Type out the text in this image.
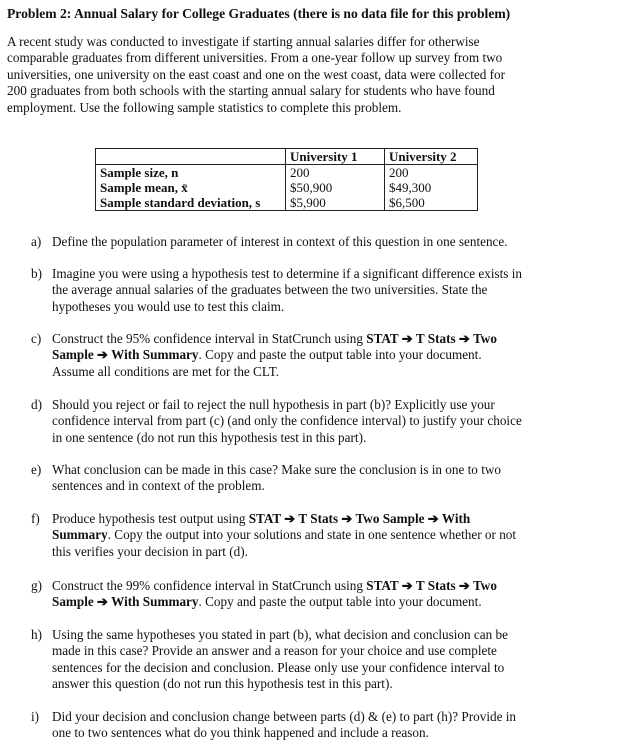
Problem 2: Annual Salary for College Graduates (there is no data file for this problem)
A recent study was conducted to investigate if starting annual salaries differ for otherwise
comparable graduates from different universities. From a one-year follow up survey from two
universities, one university on the east coast and one on the west coast, data were collected for
200 graduates from both schools with the starting annual salary for students who have found
employment. Use the following sample statistics to complete this problem.
	University 1	University 2
Sample size, n	200	200
Sample mean, x̄	$50,900	$49,300
Sample standard deviation, s	$5,900	$6,500
a) Define the population parameter of interest in context of this question in one sentence.
b) Imagine you were using a hypothesis test to determine if a significant difference exists in
the average annual salaries of the graduates between the two universities. State the
hypotheses you would use to test this claim.
c) Construct the 95% confidence interval in StatCrunch using STAT ➔ T Stats ➔ Two
Sample ➔ With Summary. Copy and paste the output table into your document.
Assume all conditions are met for the CLT.
d) Should you reject or fail to reject the null hypothesis in part (b)? Explicitly use your
confidence interval from part (c) (and only the confidence interval) to justify your choice
in one sentence (do not run this hypothesis test in this part).
e) What conclusion can be made in this case? Make sure the conclusion is in one to two
sentences and in context of the problem.
f) Produce hypothesis test output using STAT ➔ T Stats ➔ Two Sample ➔ With
Summary. Copy the output into your solutions and state in one sentence whether or not
this verifies your decision in part (d).
g) Construct the 99% confidence interval in StatCrunch using STAT ➔ T Stats ➔ Two
Sample ➔ With Summary. Copy and paste the output table into your document.
h) Using the same hypotheses you stated in part (b), what decision and conclusion can be
made in this case? Provide an answer and a reason for your choice and use complete
sentences for the decision and conclusion. Please only use your confidence interval to
answer this question (do not run this hypothesis test in this part).
i) Did your decision and conclusion change between parts (d) & (e) to part (h)? Provide in
one to two sentences what do you think happened and include a reason.
